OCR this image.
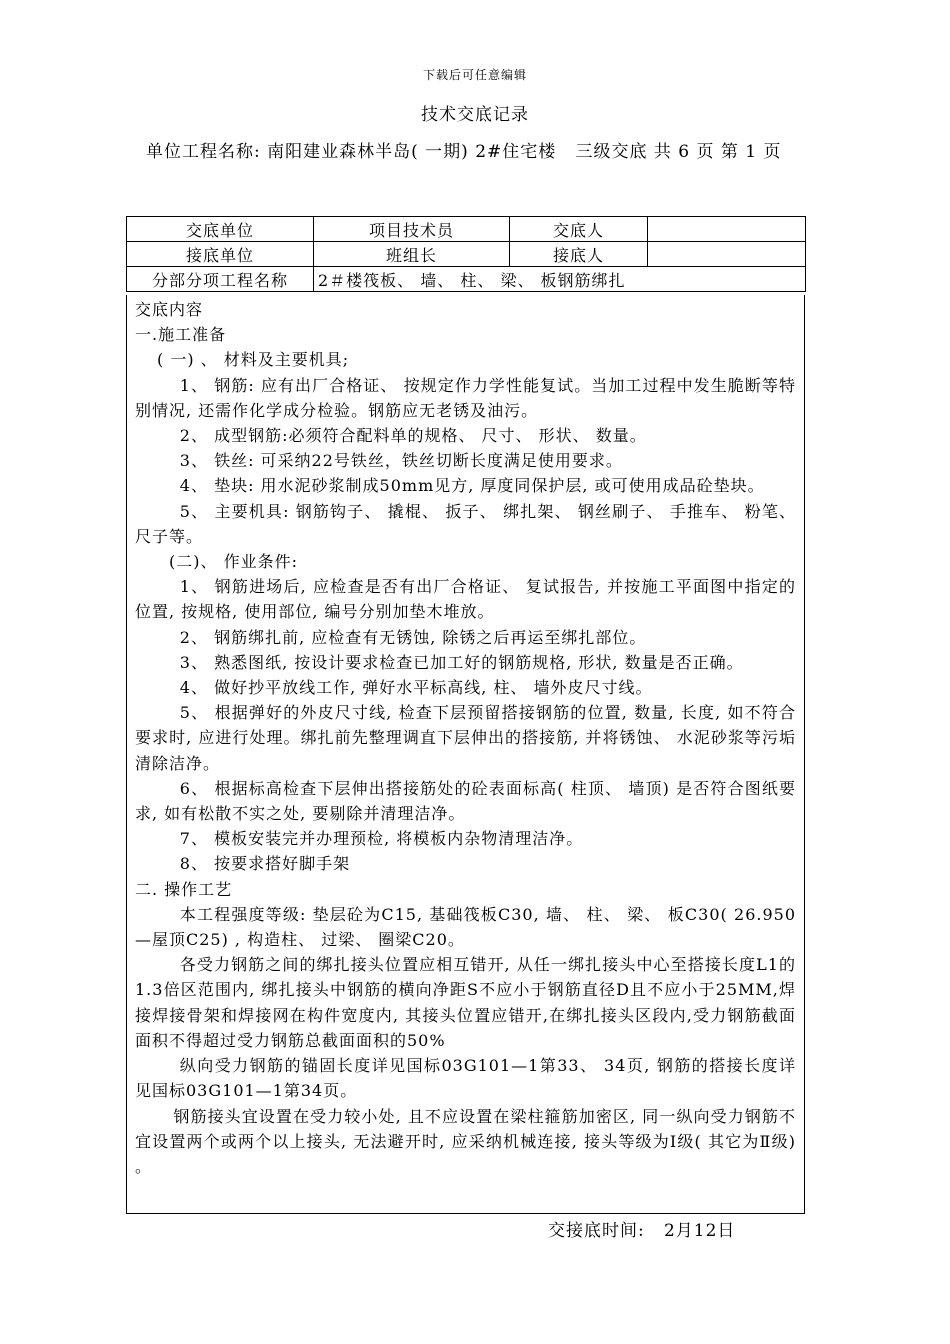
下载后可任意编辑
技术交底记录
单位工程名称: 南阳建业森林半岛( 一期) 2#住宅楼   三级交底 共 6 页 第 1 页
交底单位	项目技术员	交底人	
接底单位	班组长	接底人	
分部分项工程名称	2＃楼筏板、 墙、 柱、 梁、 板钢筋绑扎		

交底内容

一.施工准备

( 一) 、 材料及主要机具;

1、 钢筋: 应有出厂合格证、 按规定作力学性能复试。当加工过程中发生脆断等特别情况, 还需作化学成分检验。钢筋应无老锈及油污。

2、 成型钢筋:必须符合配料单的规格、 尺寸、 形状、 数量。

3、 铁丝: 可采纳22号铁丝，铁丝切断长度满足使用要求。

4、 垫块: 用水泥砂浆制成50mm见方, 厚度同保护层, 或可使用成品砼垫块。

5、 主要机具: 钢筋钩子、 撬棍、 扳子、 绑扎架、 钢丝刷子、 手推车、 粉笔、 尺子等。

(二)、 作业条件:

1、 钢筋进场后, 应检查是否有出厂合格证、 复试报告, 并按施工平面图中指定的位置, 按规格, 使用部位, 编号分别加垫木堆放。

2、 钢筋绑扎前, 应检查有无锈蚀, 除锈之后再运至绑扎部位。

3、 熟悉图纸, 按设计要求检查已加工好的钢筋规格, 形状, 数量是否正确。

4、 做好抄平放线工作, 弹好水平标高线, 柱、 墙外皮尺寸线。

5、 根据弹好的外皮尺寸线, 检查下层预留搭接钢筋的位置, 数量, 长度, 如不符合要求时, 应进行处理。绑扎前先整理调直下层伸出的搭接筋, 并将锈蚀、 水泥砂浆等污垢清除洁净。

6、 根据标高检查下层伸出搭接筋处的砼表面标高( 柱顶、 墙顶) 是否符合图纸要求, 如有松散不实之处, 要剔除并清理洁净。

7、 模板安装完并办理预检, 将模板内杂物清理洁净。

8、 按要求搭好脚手架

二. 操作工艺

本工程强度等级: 垫层砼为C15, 基础筏板C30, 墙、 柱、 梁、 板C30( 26.950—屋顶C25) , 构造柱、 过梁、 圈梁C20。

各受力钢筋之间的绑扎接头位置应相互错开, 从任一绑扎接头中心至搭接长度L1的1.3倍区范围内, 绑扎接头中钢筋的横向净距S不应小于钢筋直径D且不应小于25MM,焊接焊接骨架和焊接网在构件宽度内, 其接头位置应错开,在绑扎接头区段内,受力钢筋截面面积不得超过受力钢筋总截面面积的50%

纵向受力钢筋的锚固长度详见国标03G101—1第33、 34页, 钢筋的搭接长度详见国标03G101—1第34页。

钢筋接头宜设置在受力较小处, 且不应设置在梁柱箍筋加密区, 同一纵向受力钢筋不宜设置两个或两个以上接头, 无法避开时, 应采纳机械连接, 接头等级为Ⅰ级( 其它为Ⅱ级) 。

交接底时间:   2月12日
